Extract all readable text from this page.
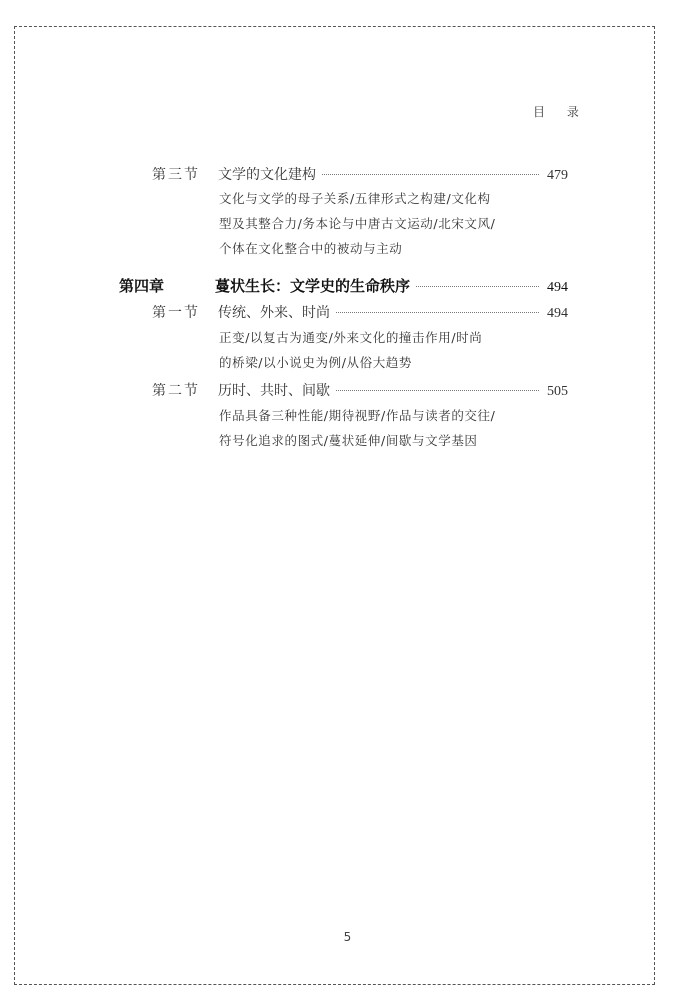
目 录
第三节	文学的文化建构	479
文化与文学的母子关系/五律形式之构建/文化构
型及其整合力/务本论与中唐古文运动/北宋文风/
个体在文化整合中的被动与主动
第四章	蔓状生长：文学史的生命秩序	494
第一节	传统、外来、时尚	494
正变/以复古为通变/外来文化的撞击作用/时尚
的桥梁/以小说史为例/从俗大趋势
第二节	历时、共时、间歇	505
作品具备三种性能/期待视野/作品与读者的交往/
符号化追求的图式/蔓状延伸/间歇与文学基因
5
